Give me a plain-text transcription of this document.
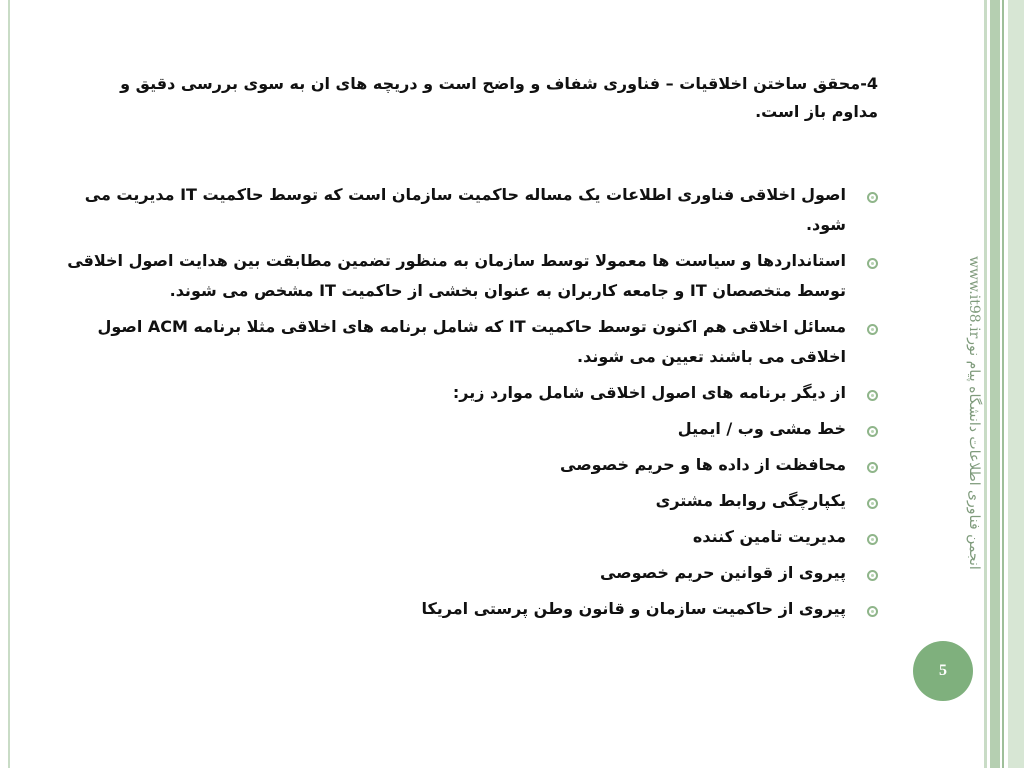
4-محقق ساختن اخلاقیات – فناوری شفاف و واضح است و دریچه های ان به سوی بررسی دقیق و مداوم باز است.
اصول اخلاقی فناوری اطلاعات یک مساله حاکمیت سازمان است که توسط حاکمیت IT مدیریت می شود.
استانداردها و سیاست ها معمولا توسط سازمان به منظور تضمین مطابقت بین هدایت اصول اخلاقی توسط متخصصان IT و جامعه کاربران به عنوان بخشی از حاکمیت IT مشخص می شوند.
مسائل اخلاقی هم اکنون توسط حاکمیت IT که شامل برنامه های اخلاقی مثلا برنامه ACM اصول اخلاقی می باشند تعیین می شوند.
از دیگر برنامه های اصول اخلاقی شامل موارد زیر:
خط مشی وب / ایمیل
محافظت از داده ها و حریم خصوصی
یکپارچگی روابط مشتری
مدیریت تامین کننده
پیروی از قوانین حریم خصوصی
پیروی از حاکمیت سازمان و قانون وطن پرستی امریکا
www.it98.irانجمن فناوری اطلاعات دانشگاه پیام نور
5
